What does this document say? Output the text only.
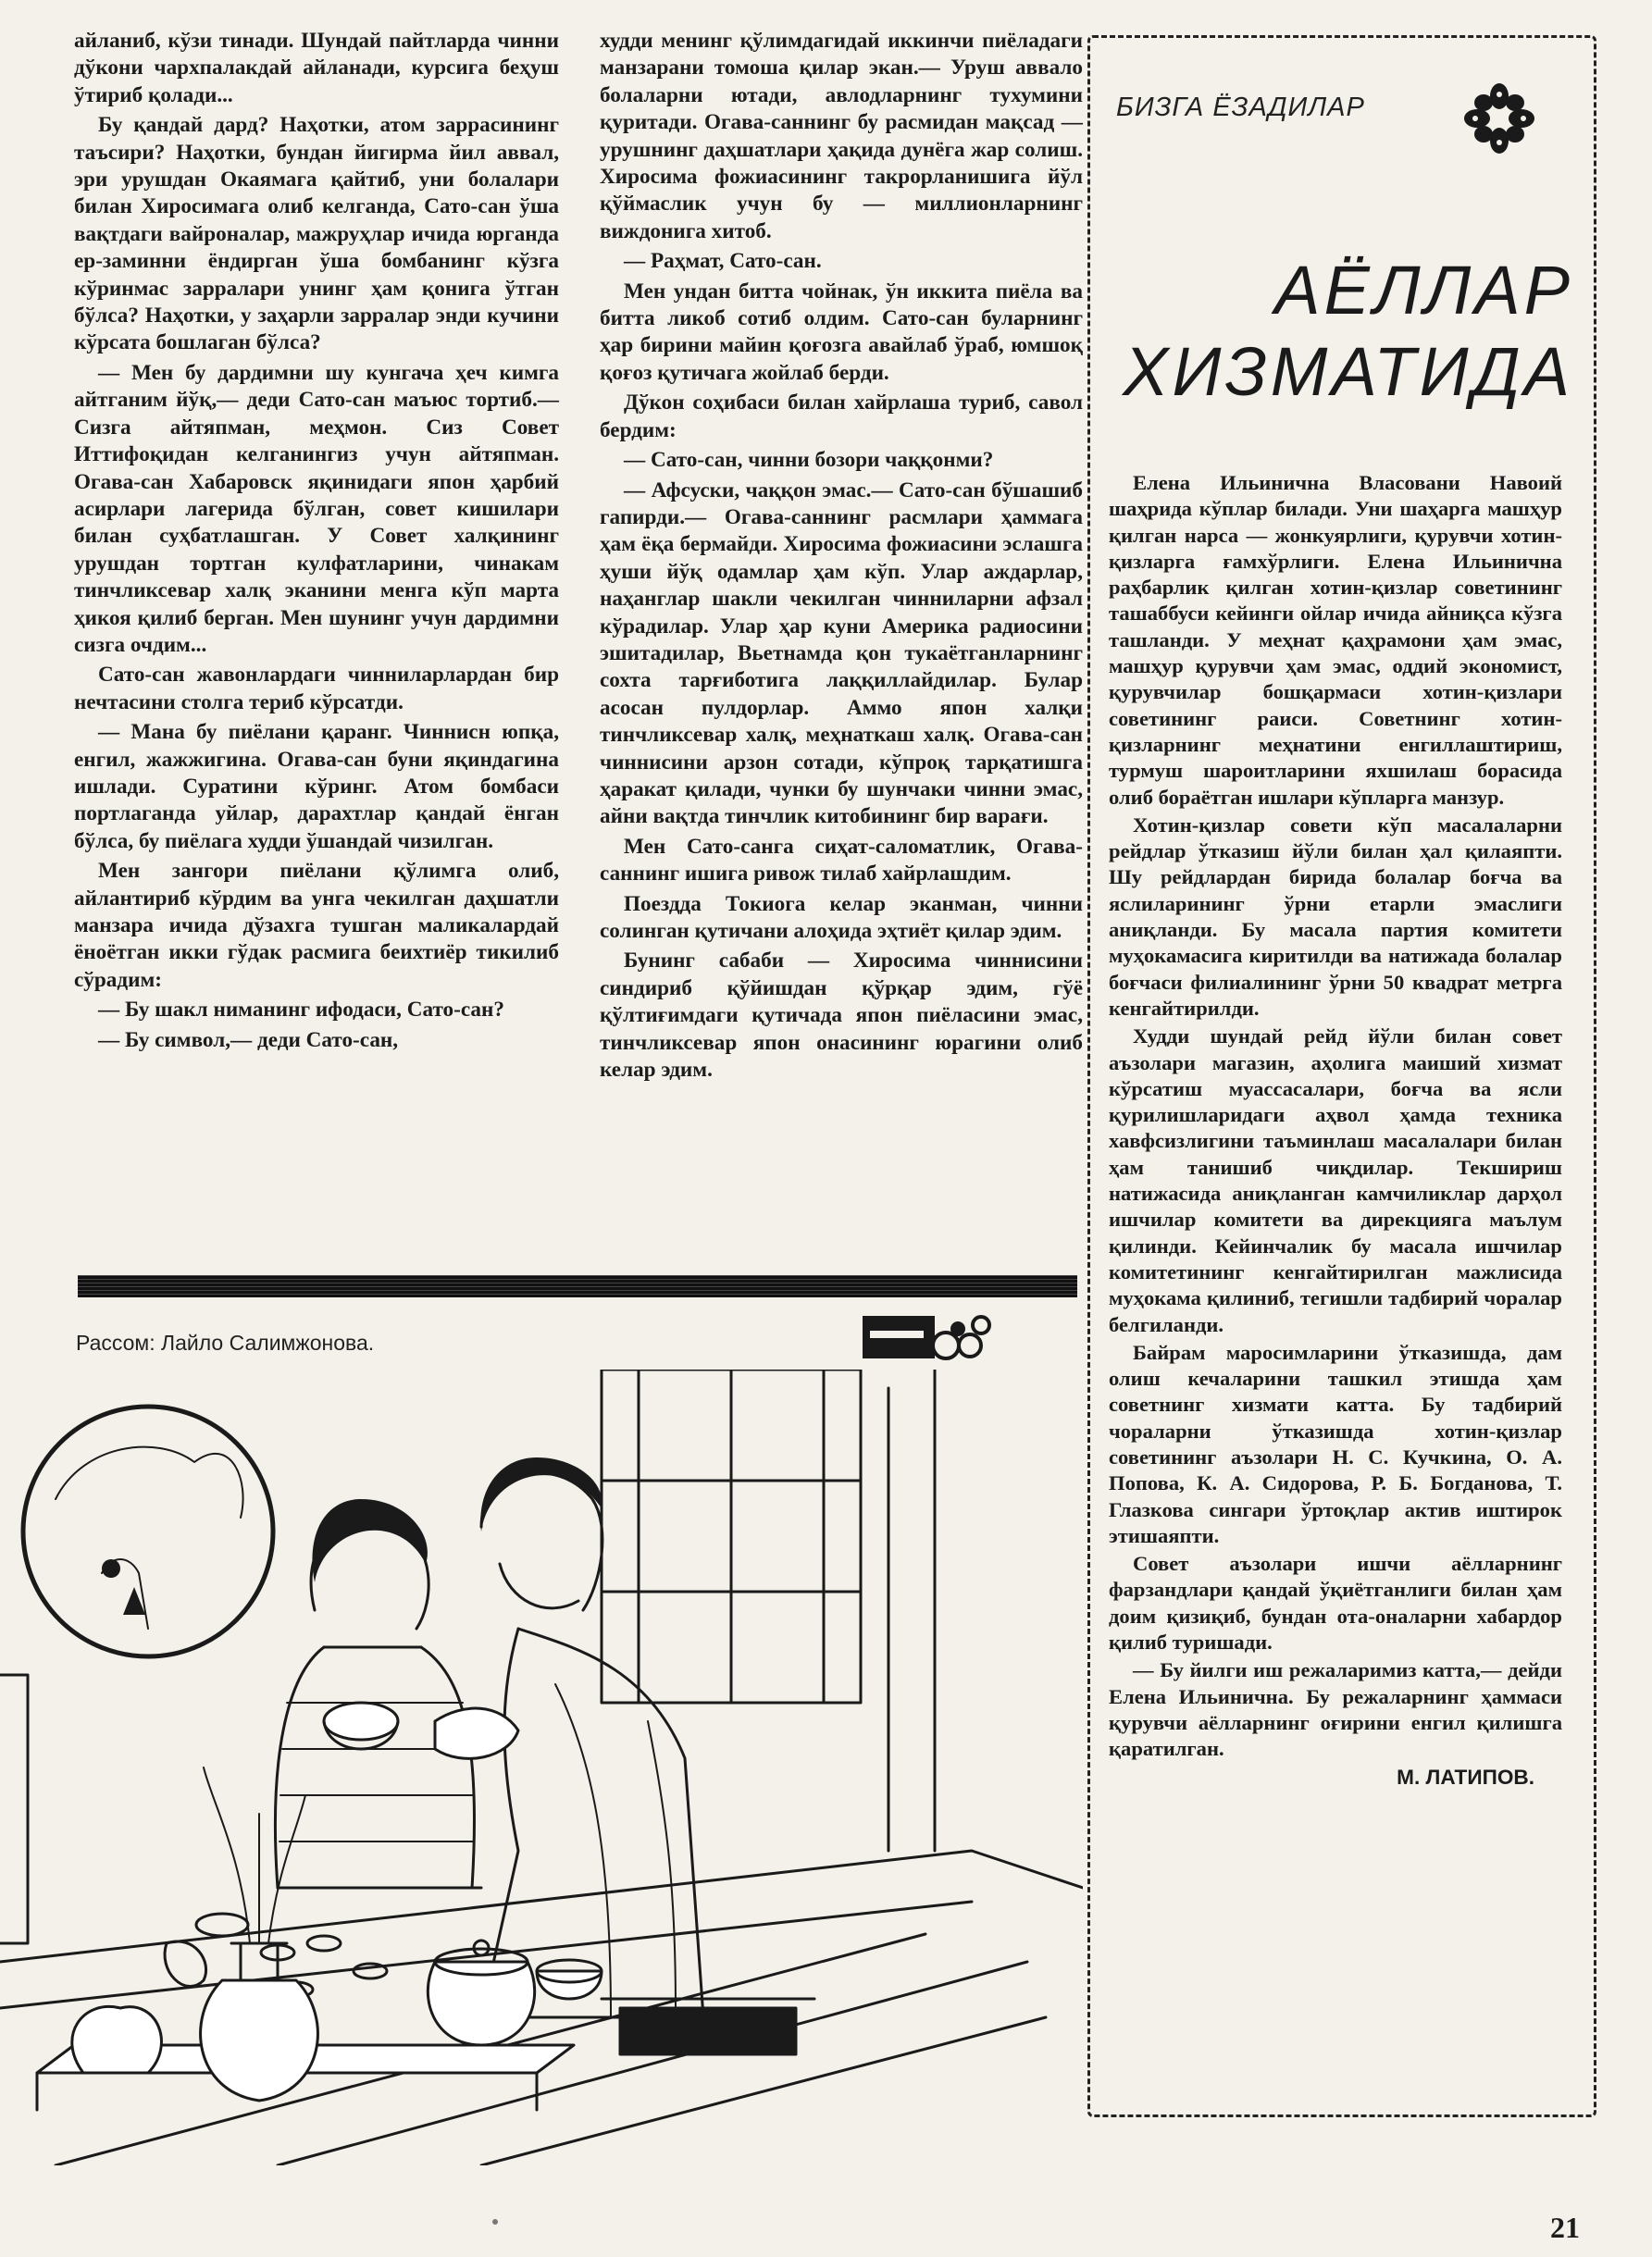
айланиб, кўзи тинади. Шундай пайтларда чинни дўкони чархпалакдай айланади, курсига беҳуш ўтириб қолади...

Бу қандай дард? Наҳотки, атом заррасининг таъсири? Наҳотки, бундан йигирма йил аввал, эри урушдан Окаямага қайтиб, уни болалари билан Хиросимага олиб келганда, Сато-сан ўша вақтдаги вайроналар, мажруҳлар ичида юрганда ер-заминни ёндирган ўша бомбанинг кўзга кўринмас зарралари унинг ҳам қонига ўтган бўлса? Наҳотки, у заҳарли зарралар энди кучини кўрсата бошлаган бўлса?

— Мен бу дардимни шу кунгача ҳеч кимга айтганим йўқ,— деди Сато-сан маъюс тортиб.— Сизга айтяпман, меҳмон. Сиз Совет Иттифоқидан келганингиз учун айтяпман. Огава-сан Хабаровск яқинидаги япон ҳарбий асирлари лагерида бўлган, совет кишилари билан суҳбатлашган. У Совет халқининг урушдан тортган кулфатларини, чинакам тинчликсевар халқ эканини менга кўп марта ҳикоя қилиб берган. Мен шунинг учун дардимни сизга очдим...

Сато-сан жавонлардаги чинниларлардан бир нечтасини столга териб кўрсатди.

— Мана бу пиёлани қаранг. Чиннисн юпқа, енгил, жажжигина. Огава-сан буни яқиндагина ишлади. Суратини кўринг. Атом бомбаси портлаганда уйлар, дарахтлар қандай ёнган бўлса, бу пиёлага худди ўшандай чизилган.

Мен зангори пиёлани қўлимга олиб, айлантириб кўрдим ва унга чекилган даҳшатли манзара ичида дўзахга тушган маликалардай ёноётган икки гўдак расмига беихтиёр тикилиб сўрадим:

— Бу шакл ниманинг ифодаси, Сато-сан?

— Бу символ,— деди Сато-сан,

худди менинг қўлимдагидай иккинчи пиёладаги манзарани томоша қилар экан.— Уруш аввало болаларни ютади, авлодларнинг тухумини қуритади. Огава-саннинг бу расмидан мақсад — урушнинг даҳшатлари ҳақида дунёга жар солиш. Хиросима фожиасининг такрорланишига йўл қўймаслик учун бу — миллионларнинг виждонига хитоб.

— Раҳмат, Сато-сан.

Мен ундан битта чойнак, ўн иккита пиёла ва битта ликоб сотиб олдим. Сато-сан буларнинг ҳар бирини майин қоғозга авайлаб ўраб, юмшоқ қоғоз қутичага жойлаб берди.

Дўкон соҳибаси билан хайрлаша туриб, савол бердим:

— Сато-сан, чинни бозори чаққонми?

— Афсуски, чаққон эмас.— Сато-сан бўшашиб гапирди.— Огава-саннинг расмлари ҳаммага ҳам ёқа бермайди. Хиросима фожиасини эслашга ҳуши йўқ одамлар ҳам кўп. Улар аждарлар, наҳанглар шакли чекилган чинниларни афзал кўрадилар. Улар ҳар куни Америка радиосини эшитадилар, Вьетнамда қон тукаётганларнинг сохта тарғиботига лаққиллайдилар. Булар асосан пулдорлар. Аммо япон халқи тинчликсевар халқ, меҳнаткаш халқ. Огава-сан чиннисини арзон сотади, кўпроқ тарқатишга ҳаракат қилади, чунки бу шунчаки чинни эмас, айни вақтда тинчлик китобининг бир варағи.

Мен Сато-санга сиҳат-саломатлик, Огава-саннинг ишига ривож тилаб хайрлашдим.

Поездда Токиога келар эканман, чинни солинган қутичани алоҳида эҳтиёт қилар эдим.

Бунинг сабаби — Хиросима чиннисини синдириб қўйишдан қўрқар эдим, гўё қўлтиғимдаги қутичада япон пиёласини эмас, тинчликсевар япон онасининг юрагини олиб келар эдим.

БИЗГА ЁЗАДИЛАР
АЁЛЛАР
ХИЗМАТИДА

Елена Ильинична Власовани Навоий шаҳрида кўплар билади. Уни шаҳарга машҳур қилган нарса — жонкуярлиги, қурувчи хотин-қизларга ғамхўрлиги. Елена Ильинична раҳбарлик қилган хотин-қизлар советининг ташаббуси кейинги ойлар ичида айниқса кўзга ташланди. У меҳнат қаҳрамони ҳам эмас, машҳур қурувчи ҳам эмас, оддий экономист, қурувчилар бошқармаси хотин-қизлари советининг раиси. Советнинг хотин-қизларнинг меҳнатини енгиллаштириш, турмуш шароитларини яхшилаш борасида олиб бораётган ишлари кўпларга манзур.

Хотин-қизлар совети кўп масалаларни рейдлар ўтказиш йўли билан ҳал қилаяпти. Шу рейдлардан бирида болалар боғча ва яслиларининг ўрни етарли эмаслиги аниқланди. Бу масала партия комитети муҳокамасига киритилди ва натижада болалар боғчаси филиалининг ўрни 50 квадрат метрга кенгайтирилди.

Худди шундай рейд йўли билан совет аъзолари магазин, аҳолига маиший хизмат кўрсатиш муассасалари, боғча ва ясли қурилишларидаги аҳвол ҳамда техника хавфсизлигини таъминлаш масалалари билан ҳам танишиб чиқдилар. Текшириш натижасида аниқланган камчиликлар дарҳол ишчилар комитети ва дирекцияга маълум қилинди. Кейинчалик бу масала ишчилар комитетининг кенгайтирилган мажлисида муҳокама қилиниб, тегишли тадбирий чоралар белгиланди.

Байрам маросимларини ўтказишда, дам олиш кечаларини ташкил этишда ҳам советнинг хизмати катта. Бу тадбирий чораларни ўтказишда хотин-қизлар советининг аъзолари Н. С. Кучкина, О. А. Попова, К. А. Сидорова, Р. Б. Богданова, Т. Глазкова сингари ўртоқлар актив иштирок этишаяпти.

Совет аъзолари ишчи аёлларнинг фарзандлари қандай ўқиётганлиги билан ҳам доим қизиқиб, бундан ота-оналарни хабардор қилиб туришади.

— Бу йилги иш режаларимиз катта,— дейди Елена Ильинична. Бу режаларнинг ҳаммаси қурувчи аёлларнинг оғирини енгил қилишга қаратилган.

М. ЛАТИПОВ.

Рассом: Лайло Салимжонова.
21
